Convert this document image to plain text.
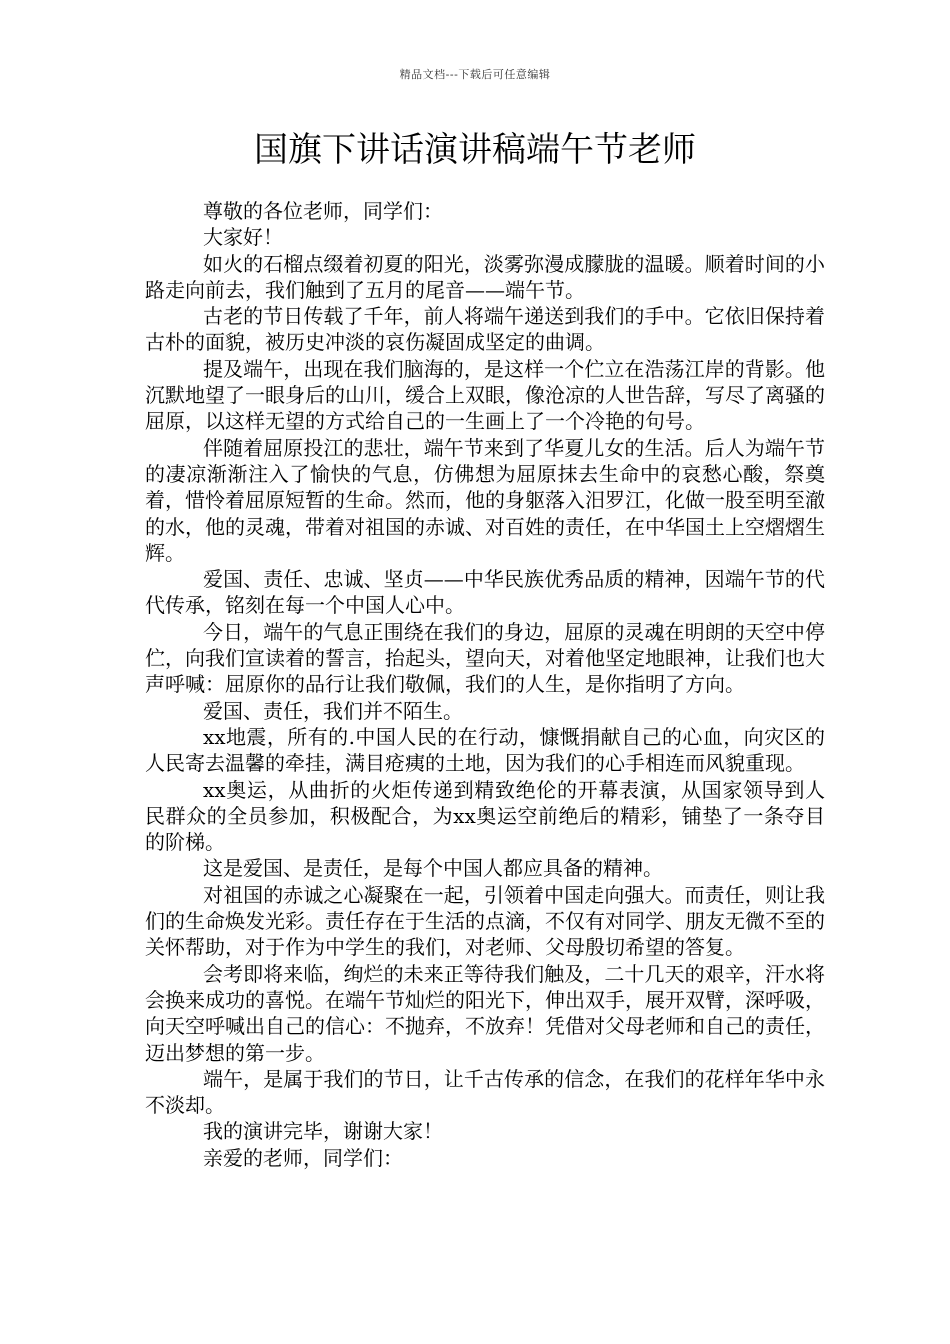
精品文档---下载后可任意编辑
国旗下讲话演讲稿端午节老师

尊敬的各位老师，同学们：

大家好！

如火的石榴点缀着初夏的阳光，淡雾弥漫成朦胧的温暖。顺着时间的小路走向前去，我们触到了五月的尾音——端午节。

古老的节日传载了千年，前人将端午递送到我们的手中。它依旧保持着古朴的面貌，被历史冲淡的哀伤凝固成坚定的曲调。

提及端午，出现在我们脑海的，是这样一个伫立在浩荡江岸的背影。他沉默地望了一眼身后的山川，缓合上双眼，像沧凉的人世告辞，写尽了离骚的屈原，以这样无望的方式给自己的一生画上了一个冷艳的句号。

伴随着屈原投江的悲壮，端午节来到了华夏儿女的生活。后人为端午节的凄凉渐渐注入了愉快的气息，仿佛想为屈原抹去生命中的哀愁心酸，祭奠着，惜怜着屈原短暂的生命。然而，他的身躯落入汨罗江，化做一股至明至澈的水，他的灵魂，带着对祖国的赤诚、对百姓的责任，在中华国土上空熠熠生辉。

爱国、责任、忠诚、坚贞——中华民族优秀品质的精神，因端午节的代代传承，铭刻在每一个中国人心中。

今日，端午的气息正围绕在我们的身边，屈原的灵魂在明朗的天空中停伫，向我们宣读着的誓言，抬起头，望向天，对着他坚定地眼神，让我们也大声呼喊：屈原你的品行让我们敬佩，我们的人生，是你指明了方向。

爱国、责任，我们并不陌生。

xx地震，所有的.中国人民的在行动，慷慨捐献自己的心血，向灾区的人民寄去温馨的牵挂，满目疮痍的土地，因为我们的心手相连而风貌重现。

xx奥运，从曲折的火炬传递到精致绝伦的开幕表演，从国家领导到人民群众的全员参加，积极配合，为xx奥运空前绝后的精彩，铺垫了一条夺目的阶梯。

这是爱国、是责任，是每个中国人都应具备的精神。

对祖国的赤诚之心凝聚在一起，引领着中国走向强大。而责任，则让我们的生命焕发光彩。责任存在于生活的点滴，不仅有对同学、朋友无微不至的关怀帮助，对于作为中学生的我们，对老师、父母殷切希望的答复。

会考即将来临，绚烂的未来正等待我们触及，二十几天的艰辛，汗水将会换来成功的喜悦。在端午节灿烂的阳光下，伸出双手，展开双臂，深呼吸，向天空呼喊出自己的信心：不抛弃，不放弃！凭借对父母老师和自己的责任，迈出梦想的第一步。

端午，是属于我们的节日，让千古传承的信念，在我们的花样年华中永不淡却。

我的演讲完毕，谢谢大家！

亲爱的老师，同学们：
